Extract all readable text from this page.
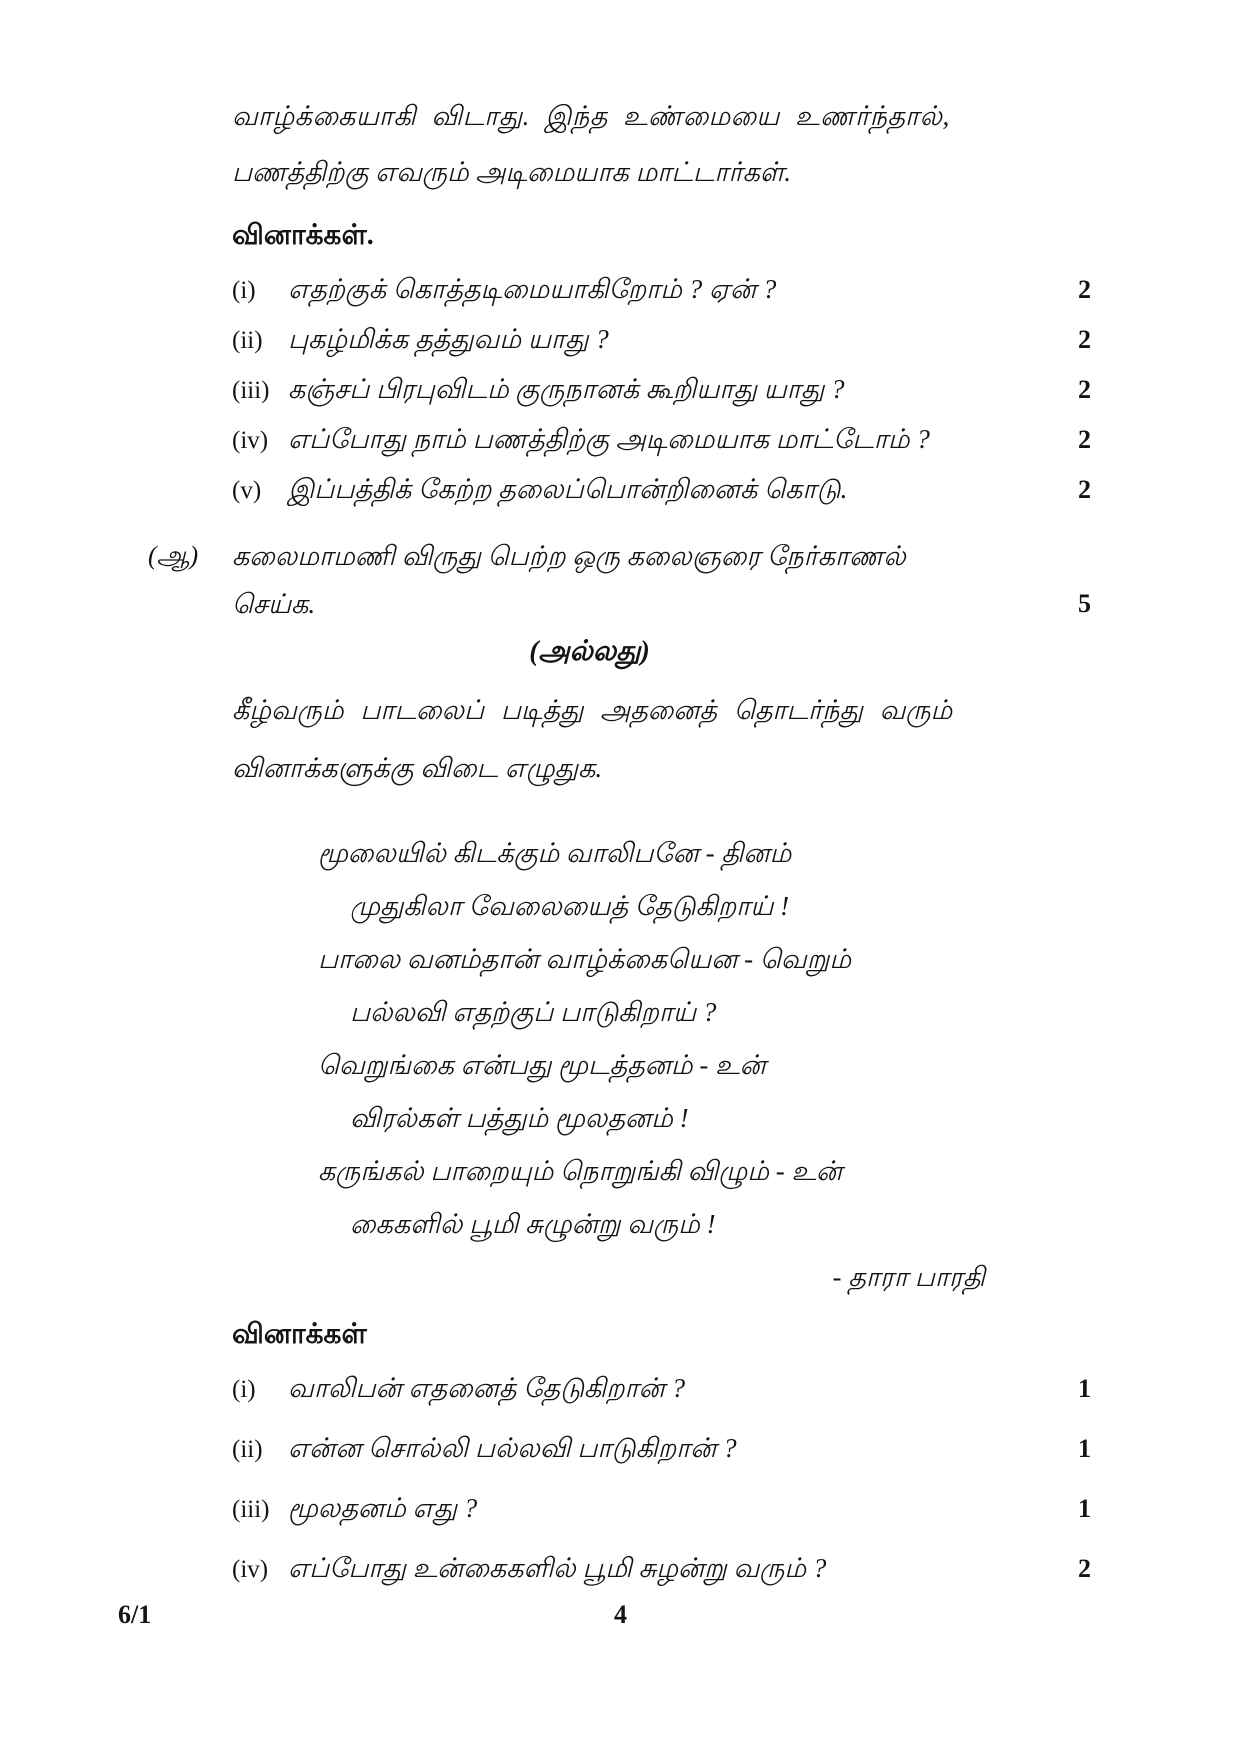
வாழ்க்கையாகி விடாது. இந்த உண்மையை உணர்ந்தால்,
பணத்திற்கு எவரும் அடிமையாக மாட்டார்கள்.
வினாக்கள்.
(i)	எதற்குக் கொத்தடிமையாகிறோம் ? ஏன் ?	2
(ii) புகழ்மிக்க தத்துவம் யாது ?	2
(iii) கஞ்சப் பிரபுவிடம் குருநானக் கூறியாது யாது ?	2
(iv) எப்போது நாம் பணத்திற்கு அடிமையாக மாட்டோம் ?	2
(v) இப்பத்திக் கேற்ற தலைப்பொன்றினைக் கொடு.	2
(ஆ)	கலைமாமணி விருது பெற்ற ஒரு கலைஞரை நேர்காணல்
செய்க.	5
(அல்லது)
கீழ்வரும் பாடலைப் படித்து அதனைத் தொடர்ந்து வரும்
வினாக்களுக்கு விடை எழுதுக.
மூலையில் கிடக்கும் வாலிபனே - தினம்
முதுகிலா வேலையைத் தேடுகிறாய் !
பாலை வனம்தான் வாழ்க்கையென - வெறும்
பல்லவி எதற்குப் பாடுகிறாய் ?
வெறுங்கை என்பது மூடத்தனம் - உன்
விரல்கள் பத்தும் மூலதனம் !
கருங்கல் பாறையும் நொறுங்கி விழும் - உன்
கைகளில் பூமி சுழுன்று வரும் !
- தாரா பாரதி
வினாக்கள்
(i)	வாலிபன் எதனைத் தேடுகிறான் ?	1
(ii) என்ன சொல்லி பல்லவி பாடுகிறான் ?	1
(iii) மூலதனம் எது ?	1
(iv) எப்போது உன்கைகளில் பூமி சுழன்று வரும் ?	2
6/1	4
